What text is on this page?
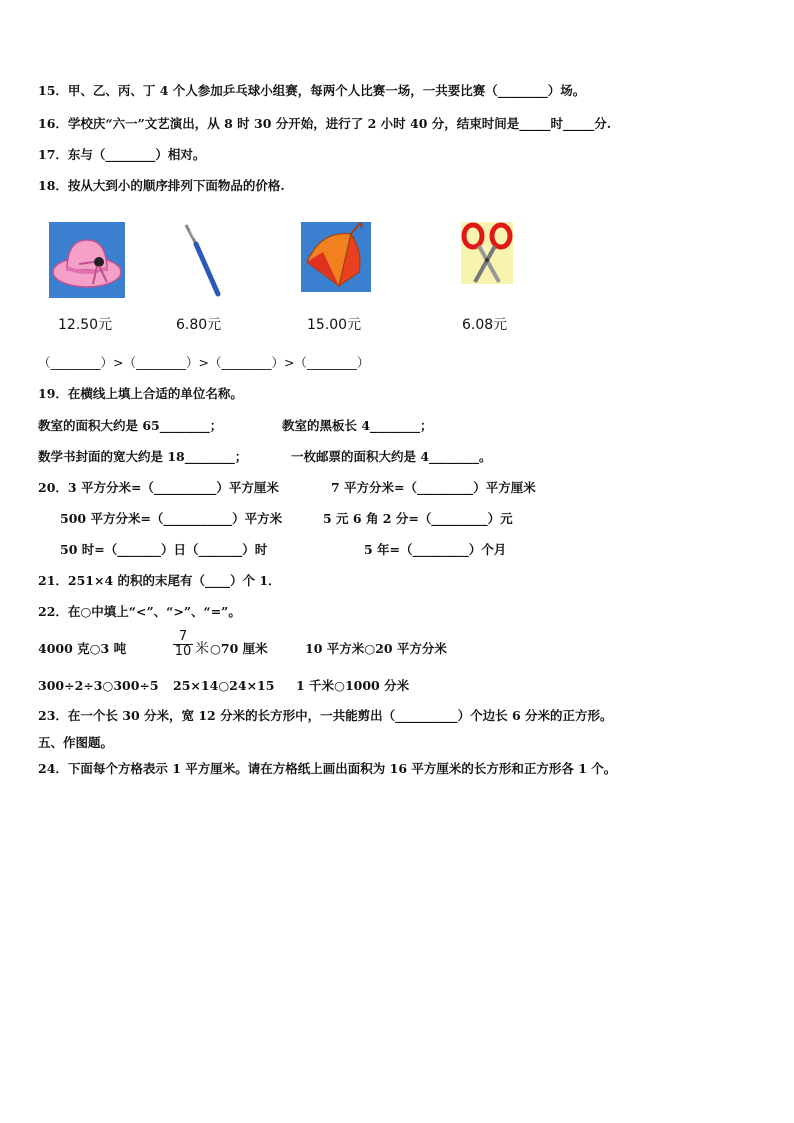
15．甲、乙、丙、丁 4 个人参加乒乓球小组赛，每两个人比赛一场，一共要比赛（________）场。
16．学校庆“六一”文艺演出，从 8 时 30 分开始，进行了 2 小时 40 分，结束时间是_____时_____分.
17．东与（________）相对。
18．按从大到小的顺序排列下面物品的价格.
12.50元	6.80元	15.00元	6.08元
（________）>（________）>（________）>（________）
19．在横线上填上合适的单位名称。
教室的面积大约是 65________；	教室的黑板长 4________；
数学书封面的宽大约是 18________；	一枚邮票的面积大约是 4________。
20．3 平方分米=（__________）平方厘米	7 平方分米=（_________）平方厘米
500 平方分米=（___________）平方米	5 元 6 角 2 分=（_________）元
50 时=（_______）日（_______）时	5 年=（_________）个月
21．251×4 的积的末尾有（____）个 1．
22．在○中填上“<”、“>”、“=”。
4000 克○3 吨
7
10 米 ○70 厘米	10 平方米○20 平方分米
300÷2÷3○300÷5 25×14○24×15 1 千米○1000 分米
23．在一个长 30 分米，宽 12 分米的长方形中，一共能剪出（__________）个边长 6 分米的正方形。
五、作图题。
24．下面每个方格表示 1 平方厘米。请在方格纸上画出面积为 16 平方厘米的长方形和正方形各 1 个。
